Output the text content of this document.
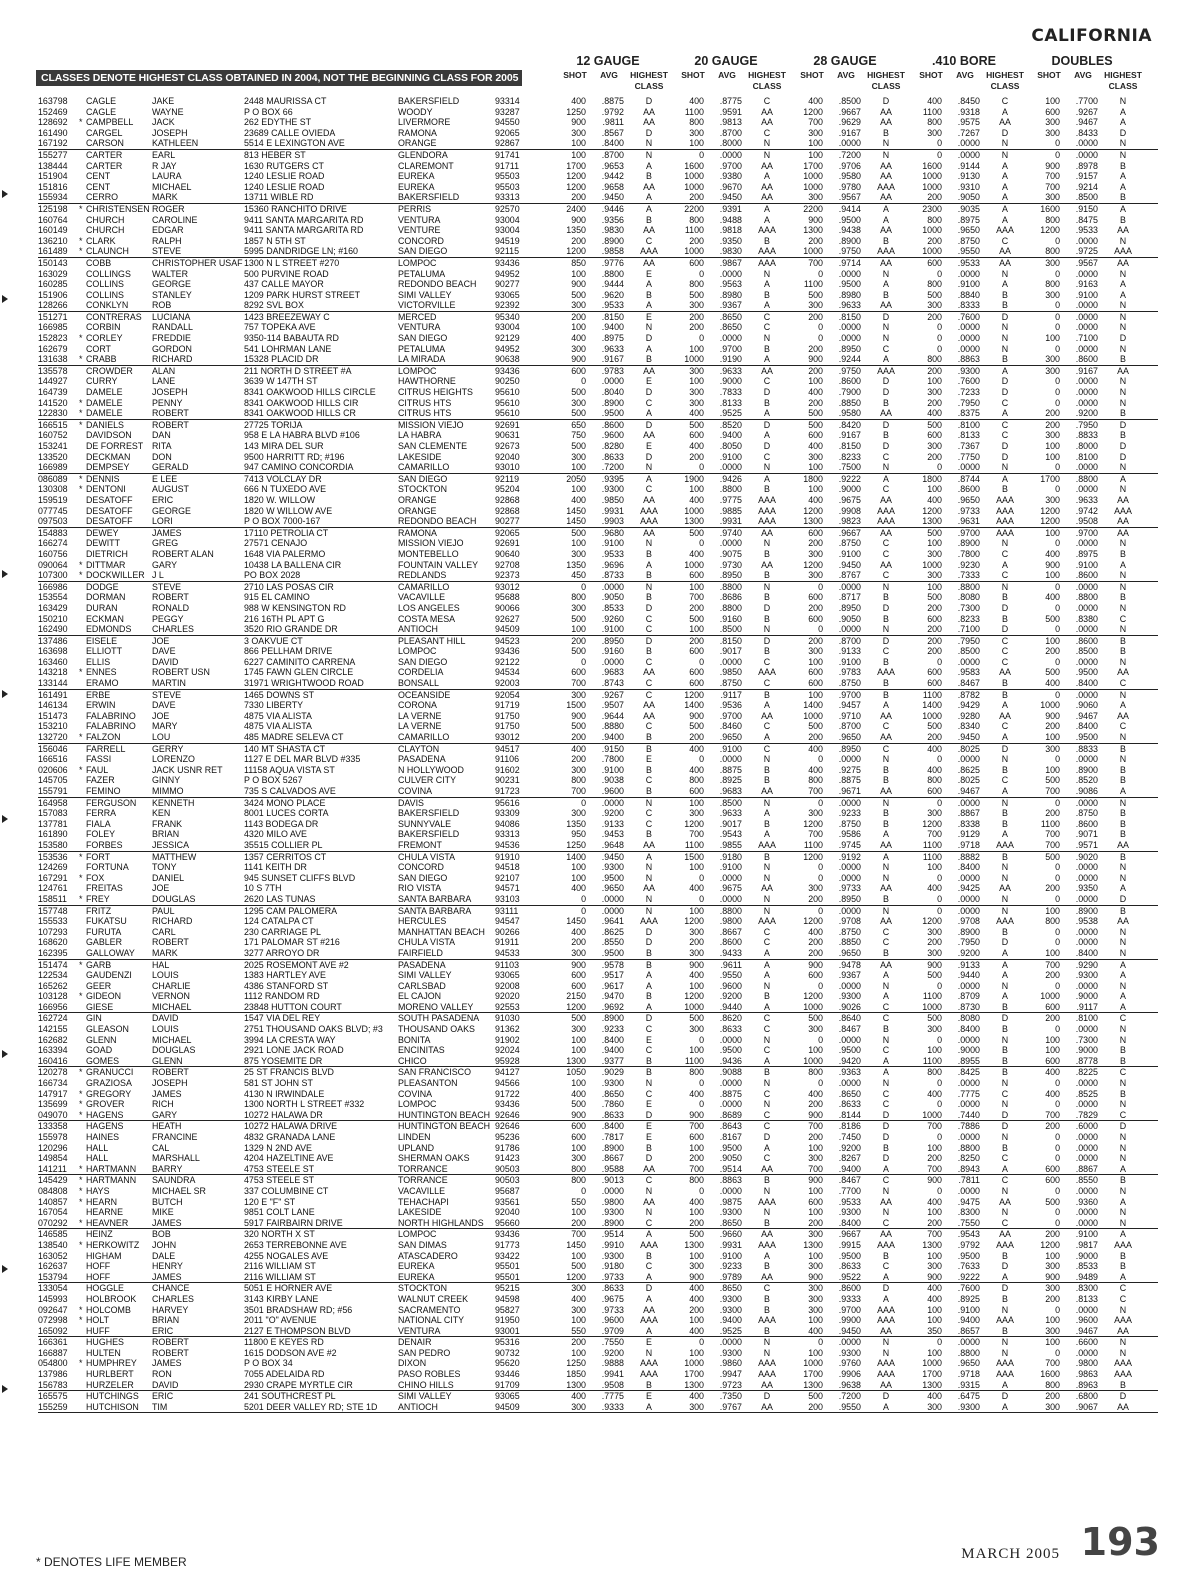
CALIFORNIA
CLASSES DENOTE HIGHEST CLASS OBTAINED IN 2004, NOT THE BEGINNING CLASS FOR 2005
12 GAUGE	20 GAUGE	28 GAUGE	.410 BORE	DOUBLES
SHOT	AVG	HIGHEST
CLASS
SHOT	AVG	HIGHEST
CLASS
SHOT	AVG	HIGHEST
CLASS
SHOT	AVG	HIGHEST
CLASS
SHOT	AVG	HIGHEST
CLASS
163798	CAGLE	JAKE	2448 MAURISSA CT	BAKERSFIELD	93314	400	.8875	D	400	.8775	C	400	.8500	D	400	.8450	C	100	.7700	N
152469	CAGLE	WAYNE	P O BOX 66	WOODY	93287	1250	.9792	AA	1100	.9591	AA	1200	.9667	AA	1100	.9318	A	600	.9267	A
128692	* CAMPBELL	JACK	262 EDYTHE ST	LIVERMORE	94550	900	.9811	AA	800	.9813	AA	700	.9629	AA	800	.9575	AA	300	.9467	A
161490	CARGEL	JOSEPH	23689 CALLE OVIEDA	RAMONA	92065	300	.8567	D	300	.8700	C	300	.9167	B	300	.7267	D	300	.8433	D
167192	CARSON	KATHLEEN	5514 E LEXINGTON AVE	ORANGE	92867	100	.8400	N	100	.8000	N	100	.0000	N	0	.0000	N	0	.0000	N
155277	CARTER	EARL	813 HEBER ST	GLENDORA	91741	100	.8700	N	0	.0000	N	100	.7200	N	0	.0000	N	0	.0000	N
138444	CARTER	R JAY	1630 RUTGERS CT	CLAREMONT	91711	1700	.9653	A	1600	.9700	AA	1700	.9706	AA	1600	.9144	A	900	.8978	B
151904	CENT	LAURA	1240 LESLIE ROAD	EUREKA	95503	1200	.9442	B	1000	.9380	A	1000	.9580	AA	1000	.9130	A	700	.9157	A
151816	CENT	MICHAEL	1240 LESLIE ROAD	EUREKA	95503	1200	.9658	AA	1000	.9670	AA	1000	.9780	AAA	1000	.9310	A	700	.9214	A
155934	CERRO	MARK	13711 WIBLE RD	BAKERSFIELD	93313	200	.9450	A	200	.9450	AA	300	.9567	AA	200	.9050	A	300	.8500	B
125198	* CHRISTENSEN ROGER	15360 RANCHITO DRIVE	PERRIS	92570	2400	.9446	A	2200	.9391	A	2200	.9414	A	2300	.9035	A	1600	.9150	A
160764	CHURCH	CAROLINE	9411 SANTA MARGARITA RD	VENTURA	93004	900	.9356	B	800	.9488	A	900	.9500	A	800	.8975	A	800	.8475	B
160149	CHURCH	EDGAR	9411 SANTA MARGARITA RD	VENTURE	93004	1350	.9830	AA	1100	.9818	AAA	1300	.9438	AA	1000	.9650	AAA	1200	.9533	AA
136210	* CLARK	RALPH	1857 N 5TH ST	CONCORD	94519	200	.8900	C	200	.9350	B	200	.8900	B	200	.8750	C	0	.0000	N
161489	* CLAUNCH	STEVE	5995 DANDRIDGE LN; #160	SAN DIEGO	92115	1200	.9858	AAA	1000	.9830	AAA	1000	.9750	AAA	1000	.9550	AA	800	.9725	AAA
150143	COBB	CHRISTOPHER USAF 1300 N L STREET #270	LOMPOC	93436	850	.9776	AA	600	.9867	AAA	700	.9714	AA	600	.9533	AA	300	.9567	AA
163029	COLLINGS	WALTER	500 PURVINE ROAD	PETALUMA	94952	100	.8800	E	0	.0000	N	0	.0000	N	0	.0000	N	0	.0000	N
160285	COLLINS	GEORGE	437 CALLE MAYOR	REDONDO BEACH	90277	900	.9444	A	800	.9563	A	1100	.9500	A	800	.9100	A	800	.9163	A
151906	COLLINS	STANLEY	1209 PARK HURST STREET	SIMI VALLEY	93065	500	.9620	B	500	.8980	B	500	.8980	B	500	.8840	B	300	.9100	A
128266	CONKLYN	ROB	8292 SVL BOX	VICTORVILLE	92392	300	.9533	A	300	.9367	A	300	.9633	AA	300	.8333	B	0	.0000	N
151271	CONTRERAS	LUCIANA	1423 BREEZEWAY C	MERCED	95340	200	.8150	E	200	.8650	C	200	.8150	D	200	.7600	D	0	.0000	N
166985	CORBIN	RANDALL	757 TOPEKA AVE	VENTURA	93004	100	.9400	N	200	.8650	C	0	.0000	N	0	.0000	N	0	.0000	N
152823	* CORLEY	FREDDIE	9350-114 BABAUTA RD	SAN DIEGO	92129	400	.8975	D	0	.0000	N	0	.0000	N	0	.0000	N	100	.7100	D
162679	CORT	GORDON	541 LOHRMAN LANE	PETALUMA	94952	300	.9633	A	100	.9700	B	200	.8950	C	0	.0000	N	0	.0000	N
131638	* CRABB	RICHARD	15328 PLACID DR	LA MIRADA	90638	900	.9167	B	1000	.9190	A	900	.9244	A	800	.8863	B	300	.8600	B
135578	CROWDER	ALAN	211 NORTH D STREET #A	LOMPOC	93436	600	.9783	AA	300	.9633	AA	200	.9750	AAA	200	.9300	A	300	.9167	AA
144927	CURRY	LANE	3639 W 147TH ST	HAWTHORNE	90250	0	.0000	E	100	.9000	C	100	.8600	D	100	.7600	D	0	.0000	N
164739	DAMELE	JOSEPH	8341 OAKWOOD HILLS CIRCLE	CITRUS HEIGHTS	95610	500	.8040	D	300	.7833	D	400	.7900	D	300	.7233	D	0	.0000	N
141520	* DAMELE	PENNY	8341 OAKWOOD HILLS CIR	CITRUS HTS	95610	300	.8900	C	300	.8133	B	200	.8850	B	200	.7950	C	0	.0000	N
122830	* DAMELE	ROBERT	8341 OAKWOOD HILLS CR	CITRUS HTS	95610	500	.9500	A	400	.9525	A	500	.9580	AA	400	.8375	A	200	.9200	B
166515	* DANIELS	ROBERT	27725 TORIJA	MISSION VIEJO	92691	650	.8600	D	500	.8520	D	500	.8420	D	500	.8100	C	200	.7950	D
160752	DAVIDSON	DAN	958 E LA HABRA BLVD #106	LA HABRA	90631	750	.9600	AA	600	.9400	A	600	.9167	B	600	.8133	C	300	.8833	B
153241	DE FORREST RITA	143 MIRA DEL SUR	SAN CLEMENTE	92673	500	.8280	E	400	.8050	D	400	.8150	D	300	.7367	D	100	.8000	D
133520	DECKMAN	DON	9500 HARRITT RD; #196	LAKESIDE	92040	300	.8633	D	200	.9100	C	300	.8233	C	200	.7750	D	100	.8100	D
166989	DEMPSEY	GERALD	947 CAMINO CONCORDIA	CAMARILLO	93010	100	.7200	N	0	.0000	N	100	.7500	N	0	.0000	N	0	.0000	N
086089	* DENNIS	E LEE	7413 VOLCLAY DR	SAN DIEGO	92119	2050	.9395	A	1900	.9426	A	1800	.9222	A	1800	.8744	A	1700	.8800	A
130308	* DENTONI	AUGUST	666 N TUXEDO AVE	STOCKTON	95204	100	.9300	C	100	.8800	B	100	.9000	C	100	.8600	B	0	.0000	N
159519	DESATOFF	ERIC	1820 W. WILLOW	ORANGE	92868	400	.9850	AA	400	.9775	AAA	400	.9675	AA	400	.9650	AAA	300	.9633	AA
077745	DESATOFF	GEORGE	1820 W WILLOW AVE	ORANGE	92868	1450	.9931	AAA	1000	.9885	AAA	1200	.9908	AAA	1200	.9733	AAA	1200	.9742	AAA
097503	DESATOFF	LORI	P O BOX 7000-167	REDONDO BEACH	90277	1450	.9903	AAA	1300	.9931	AAA	1300	.9823	AAA	1300	.9631	AAA	1200	.9508	AA
154883	DEWEY	JAMES	17110 PETROLIA CT	RAMONA	92065	500	.9680	AA	500	.9740	AA	600	.9667	AA	500	.9700	AAA	100	.9700	AA
166274	DEWITT	GREG	27571 CENAJO	MISSION VIEJO	92691	100	.9100	N	0	.0000	N	200	.8750	C	100	.8900	N	0	.0000	N
160756	DIETRICH	ROBERT ALAN	1648 VIA PALERMO	MONTEBELLO	90640	300	.9533	B	400	.9075	B	300	.9100	C	300	.7800	C	400	.8975	B
090064	* DITTMAR	GARY	10438 LA BALLENA CIR	FOUNTAIN VALLEY	92708	1350	.9696	A	1000	.9730	AA	1200	.9450	AA	1000	.9230	A	900	.9100	A
107300	* DOCKWILLER J L	PO BOX 2028	REDLANDS	92373	450	.8733	B	600	.8950	B	300	.8767	C	300	.7333	C	100	.8600	N
166986	DODGE	STEVE	2710 LAS POSAS CIR	CAMARILLO	93012	0	.0000	N	100	.8800	N	0	.0000	N	100	.8800	N	0	.0000	N
153554	DORMAN	ROBERT	915 EL CAMINO	VACAVILLE	95688	800	.9050	B	700	.8686	B	600	.8717	B	500	.8080	B	400	.8800	B
163429	DURAN	RONALD	988 W KENSINGTON RD	LOS ANGELES	90066	300	.8533	D	200	.8800	D	200	.8950	D	200	.7300	D	0	.0000	N
150210	ECKMAN	PEGGY	216 16TH PL APT G	COSTA MESA	92627	500	.9260	C	500	.9160	B	600	.9050	B	600	.8233	B	500	.8380	C
162490	EDMONDS	CHARLES	3520 RIO GRANDE DR	ANTIOCH	94509	100	.9100	C	100	.8500	N	0	.0000	N	200	.7100	D	0	.0000	N
137486	EISELE	JOE	3 OAKVUE CT	PLEASANT HILL	94523	200	.8950	D	200	.8150	D	200	.8700	D	200	.7950	C	100	.8600	B
163698	ELLIOTT	DAVE	866 PELLHAM DRIVE	LOMPOC	93436	500	.9160	B	600	.9017	B	300	.9133	C	200	.8500	C	200	.8500	B
163460	ELLIS	DAVID	6227 CAMINITO CARRENA	SAN DIEGO	92122	0	.0000	C	0	.0000	C	100	.9100	B	0	.0000	C	0	.0000	N
143218	* ENNES	ROBERT USN	1745 FAWN GLEN CIRCLE	CORDELIA	94534	600	.9683	AA	600	.9850	AAA	600	.9783	AAA	600	.9583	AA	500	.9500	AA
133144	ERAMO	MARTIN	31971 WRIGHTWOOD ROAD	BONSALL	92003	700	.8743	C	600	.8750	C	600	.8750	B	600	.8467	B	400	.8400	C
161491	ERBE	STEVE	1465 DOWNS ST	OCEANSIDE	92054	300	.9267	C	1200	.9117	B	100	.9700	B	1100	.8782	B	0	.0000	N
146134	ERWIN	DAVE	7330 LIBERTY	CORONA	91719	1500	.9507	AA	1400	.9536	A	1400	.9457	A	1400	.9429	A	1000	.9060	A
151473	FALABRINO	JOE	4875 VIA ALISTA	LA VERNE	91750	900	.9644	AA	900	.9700	AA	1000	.9710	AA	1000	.9280	AA	900	.9467	AA
153210	FALABRINO	MARY	4875 VIA ALISTA	LA VERNE	91750	500	.8880	C	500	.8460	C	500	.8700	C	500	.8340	C	200	.8400	C
132720	* FALZON	LOU	485 MADRE SELEVA CT	CAMARILLO	93012	200	.9400	B	200	.9650	A	200	.9650	AA	200	.9450	A	100	.9500	N
156046	FARRELL	GERRY	140 MT SHASTA CT	CLAYTON	94517	400	.9150	B	400	.9100	C	400	.8950	C	400	.8025	D	300	.8833	B
166516	FASSI	LORENZO	1127 E DEL MAR BLVD #335	PASADENA	91106	200	.7800	E	0	.0000	N	0	.0000	N	0	.0000	N	0	.0000	N
020606	* FAUL	JACK USNR RET	11158 AQUA VISTA ST	N HOLLYWOOD	91602	300	.9100	B	400	.8875	B	400	.9275	B	400	.8625	B	100	.8900	B
145705	FAZER	GINNY	P O BOX 5267	CULVER CITY	90231	800	.9038	C	800	.8925	B	800	.8875	B	800	.8025	C	500	.8520	B
155791	FEMINO	MIMMO	735 S CALVADOS AVE	COVINA	91723	700	.9600	B	600	.9683	AA	700	.9671	AA	600	.9467	A	700	.9086	A
164958	FERGUSON	KENNETH	3424 MONO PLACE	DAVIS	95616	0	.0000	N	100	.8500	N	0	.0000	N	0	.0000	N	0	.0000	N
157083	FERRA	KEN	8001 LUCES CORTA	BAKERSFIELD	93309	300	.9200	C	300	.9633	A	300	.9233	B	300	.8867	B	200	.8750	B
137781	FIALA	FRANK	1143 BODEGA DR	SUNNYVALE	94086	1350	.9133	C	1200	.9017	B	1200	.8750	B	1200	.8338	B	1100	.8600	B
161890	FOLEY	BRIAN	4320 MILO AVE	BAKERSFIELD	93313	950	.9453	B	700	.9543	A	700	.9586	A	700	.9129	A	700	.9071	B
153580	FORBES	JESSICA	35515 COLLIER PL	FREMONT	94536	1250	.9648	AA	1100	.9855	AAA	1100	.9745	AA	1100	.9718	AAA	700	.9571	AA
153536	* FORT	MATTHEW	1357 CERRITOS CT	CHULA VISTA	91910	1400	.9450	A	1500	.9180	B	1200	.9192	A	1100	.8882	B	500	.9020	B
124269	FORTUNA	TONY	1141 KEITH DR	CONCORD	94518	100	.9300	N	100	.9100	N	0	.0000	N	100	.8400	N	0	.0000	N
167291	* FOX	DANIEL	945 SUNSET CLIFFS BLVD	SAN DIEGO	92107	100	.9500	N	0	.0000	N	0	.0000	N	0	.0000	N	0	.0000	N
124761	FREITAS	JOE	10 S 7TH	RIO VISTA	94571	400	.9650	AA	400	.9675	AA	300	.9733	AA	400	.9425	AA	200	.9350	A
158511	* FREY	DOUGLAS	2620 LAS TUNAS	SANTA BARBARA	93103	0	.0000	N	0	.0000	N	200	.8950	B	0	.0000	N	0	.0000	D
157748	FRITZ	PAUL	1295 CAM PALOMERA	SANTA BARBARA	93111	0	.0000	N	100	.8800	N	0	.0000	N	0	.0000	N	100	.8900	B
155533	FUKATSU	RICHARD	124 CATALPA CT	HERCULES	94547	1450	.9641	AAA	1200	.9800	AAA	1200	.9708	AA	1200	.9708	AAA	800	.9538	AA
107293	FURUTA	CARL	230 CARRIAGE PL	MANHATTAN BEACH	90266	400	.8625	D	300	.8667	C	400	.8750	C	300	.8900	B	0	.0000	N
168620	GABLER	ROBERT	171 PALOMAR ST #216	CHULA VISTA	91911	200	.8550	D	200	.8600	C	200	.8850	C	200	.7950	D	0	.0000	N
162395	GALLOWAY	MARK	3277 ARROYO DR	FAIRFIELD	94533	300	.9500	B	300	.9433	A	200	.9650	B	300	.9200	A	100	.8400	N
151474	* GARB	HAL	2025 ROSEMONT AVE #2	PASADENA	91103	900	.9578	B	900	.9611	A	900	.9478	AA	900	.9133	A	700	.9290	A
122534	GAUDENZI	LOUIS	1383 HARTLEY AVE	SIMI VALLEY	93065	600	.9517	A	400	.9550	A	600	.9367	A	500	.9440	A	200	.9300	A
165262	GEER	CHARLIE	4386 STANFORD ST	CARLSBAD	92008	600	.9617	A	100	.9600	N	0	.0000	N	0	.0000	N	0	.0000	N
103128	* GIDEON	VERNON	1112 RANDOM RD	EL CAJON	92020	2150	.9470	B	1200	.9200	B	1200	.9300	A	1100	.8709	A	1000	.9000	A
166956	GIESE	MICHAEL	23848 HUTTON COURT	MORENO VALLEY	92553	1200	.9692	A	1000	.9440	A	1000	.9026	C	1000	.8730	B	600	.9117	A
162724	GIN	DAVID	1547 VIA DEL REY	SOUTH PASADENA	91030	500	.8900	D	500	.8620	C	500	.8640	C	500	.8080	D	200	.8100	C
142155	GLEASON	LOUIS	2751 THOUSAND OAKS BLVD; #3	THOUSAND OAKS	91362	300	.9233	C	300	.8633	C	300	.8467	B	300	.8400	B	0	.0000	N
162682	GLENN	MICHAEL	3994 LA CRESTA WAY	BONITA	91902	100	.8400	E	0	.0000	N	0	.0000	N	0	.0000	N	100	.7300	N
163394	GOAD	DOUGLAS	2921 LONE JACK ROAD	ENCINITAS	92024	100	.9400	C	100	.9500	C	100	.9500	C	100	.9000	B	100	.9000	B
160416	GOMES	GLENN	875 YOSEMITE DR	CHICO	95928	1300	.9377	B	1100	.9436	A	1000	.9420	A	1100	.8955	B	600	.8778	B
120278	* GRANUCCI	ROBERT	25 ST FRANCIS BLVD	SAN FRANCISCO	94127	1050	.9029	B	800	.9088	B	800	.9363	A	800	.8425	B	400	.8225	C
166734	GRAZIOSA	JOSEPH	581 ST JOHN ST	PLEASANTON	94566	100	.9300	N	0	.0000	N	0	.0000	N	0	.0000	N	0	.0000	N
147917	* GREGORY	JAMES	4130 N IRWINDALE	COVINA	91722	400	.8650	C	400	.8875	C	400	.8650	C	400	.7775	C	400	.8525	B
135699	* GROVER	RICH	1300 NORTH L STREET #332	LOMPOC	93436	500	.7860	E	0	.0000	N	200	.8633	C	0	.0000	N	0	.0000	N
049070	* HAGENS	GARY	10272 HALAWA DR	HUNTINGTON BEACH 92646	900	.8633	D	900	.8689	C	900	.8144	D	1000	.7440	D	700	.7829	C
133358	HAGENS	HEATH	10272 HALAWA DRIVE	HUNTINGTON BEACH 92646	600	.8400	E	700	.8643	C	700	.8186	D	700	.7886	D	200	.6000	D
155978	HAINES	FRANCINE	4832 GRANADA LANE	LINDEN	95236	600	.7817	E	600	.8167	D	200	.7450	D	0	.0000	N	0	.0000	N
120296	HALL	CAL	1329 N 2ND AVE	UPLAND	91786	100	.8900	B	100	.9500	A	100	.9200	B	100	.8800	B	0	.0000	N
149854	HALL	MARSHALL	4204 HAZELTINE AVE	SHERMAN OAKS	91423	300	.8667	D	200	.9050	C	300	.8267	D	200	.8250	C	0	.0000	N
141211	* HARTMANN	BARRY	4753 STEELE ST	TORRANCE	90503	800	.9588	AA	700	.9514	AA	700	.9400	A	700	.8943	A	600	.8867	A
145429	* HARTMANN	SAUNDRA	4753 STEELE ST	TORRANCE	90503	800	.9013	C	800	.8863	B	900	.8467	C	900	.7811	C	600	.8550	B
084808	* HAYS	MICHAEL SR	337 COLUMBINE CT	VACAVILLE	95687	0	.0000	N	0	.0000	N	100	.7700	N	0	.0000	N	0	.0000	N
140857	* HEARN	BUTCH	120 E "F" ST	TEHACHAPI	93561	550	.9800	AA	400	.9875	AAA	600	.9533	AA	400	.9475	AA	500	.9360	A
167054	HEARNE	MIKE	9851 COLT LANE	LAKESIDE	92040	100	.9300	N	100	.9300	N	100	.9300	N	100	.8300	N	0	.0000	N
070292	* HEAVNER	JAMES	5917 FAIRBAIRN DRIVE	NORTH HIGHLANDS	95660	200	.8900	C	200	.8650	B	200	.8400	C	200	.7550	C	0	.0000	N
146585	HEINZ	BOB	320 NORTH X ST	LOMPOC	93436	700	.9514	A	500	.9660	AA	300	.9667	AA	700	.9543	AA	200	.9100	A
138540	* HERKOWITZ	JOHN	2653 TERREBONNE AVE	SAN DIMAS	91773	1450	.9910	AAA	1300	.9931	AAA	1300	.9915	AAA	1300	.9792	AAA	1200	.9817	AAA
163052	HIGHAM	DALE	4255 NOGALES AVE	ATASCADERO	93422	100	.9300	B	100	.9100	A	100	.9500	B	100	.9500	B	100	.9000	B
162637	HOFF	HENRY	2116 WILLIAM ST	EUREKA	95501	500	.9180	C	300	.9233	B	300	.8633	C	300	.7633	D	300	.8533	B
153794	HOFF	JAMES	2116 WILLIAM ST	EUREKA	95501	1200	.9733	A	900	.9789	AA	900	.9522	A	900	.9222	A	900	.9489	A
133054	HOGGLE	CHANCE	5051 E HORNER AVE	STOCKTON	95215	300	.8633	D	400	.8650	C	300	.8600	D	400	.7600	D	300	.8300	C
145993	HOLBROOK	CHARLES	3143 KIRBY LANE	WALNUT CREEK	94598	400	.9675	A	400	.9300	B	300	.9333	A	400	.8925	B	200	.8133	C
092647	* HOLCOMB	HARVEY	3501 BRADSHAW RD; #56	SACRAMENTO	95827	300	.9733	AA	200	.9300	B	300	.9700	AAA	100	.9100	N	0	.0000	N
072998	* HOLT	BRIAN	2011 "O" AVENUE	NATIONAL CITY	91950	100	.9600	AAA	100	.9400	AAA	100	.9900	AAA	100	.9400	AAA	100	.9600	AAA
165092	HUFF	ERIC	2127 E THOMPSON BLVD	VENTURA	93001	550	.9709	A	400	.9525	B	400	.9450	AA	350	.8657	B	300	.9467	AA
166361	HUGHES	ROBERT	11800 E KEYES RD	DENAIR	95316	200	.7550	E	0	.0000	N	0	.0000	N	0	.0000	N	100	.6600	N
166887	HULTEN	ROBERT	1615 DODSON AVE #2	SAN PEDRO	90732	100	.9200	N	100	.9300	N	100	.9300	N	100	.8800	N	0	.0000	N
054800	* HUMPHREY	JAMES	P O BOX 34	DIXON	95620	1250	.9888	AAA	1000	.9860	AAA	1000	.9760	AAA	1000	.9650	AAA	700	.9800	AAA
137986	HURLBERT	RON	7055 ADELAIDA RD	PASO ROBLES	93446	1850	.9941	AAA	1700	.9947	AAA	1700	.9906	AAA	1700	.9718	AAA	1600	.9863	AAA
156783	HURZELER	DAVID	2930 CRAPE MYRTLE CIR	CHINO HILLS	91709	1300	.9508	B	1300	.9723	AA	1300	.9638	AA	1300	.9315	A	800	.8963	B
165575	HUTCHINGS	ERIC	241 SOUTHCREST PL	SIMI VALLEY	93065	400	.7775	E	400	.7350	D	500	.7200	D	400	.6475	D	200	.6800	D
155259	HUTCHISON	TIM	5201 DEER VALLEY RD; STE 1D	ANTIOCH	94509	300	.9333	A	300	.9767	AA	200	.9550	A	300	.9300	A	300	.9067	AA
* DENOTES LIFE MEMBER	MARCH 2005 193
